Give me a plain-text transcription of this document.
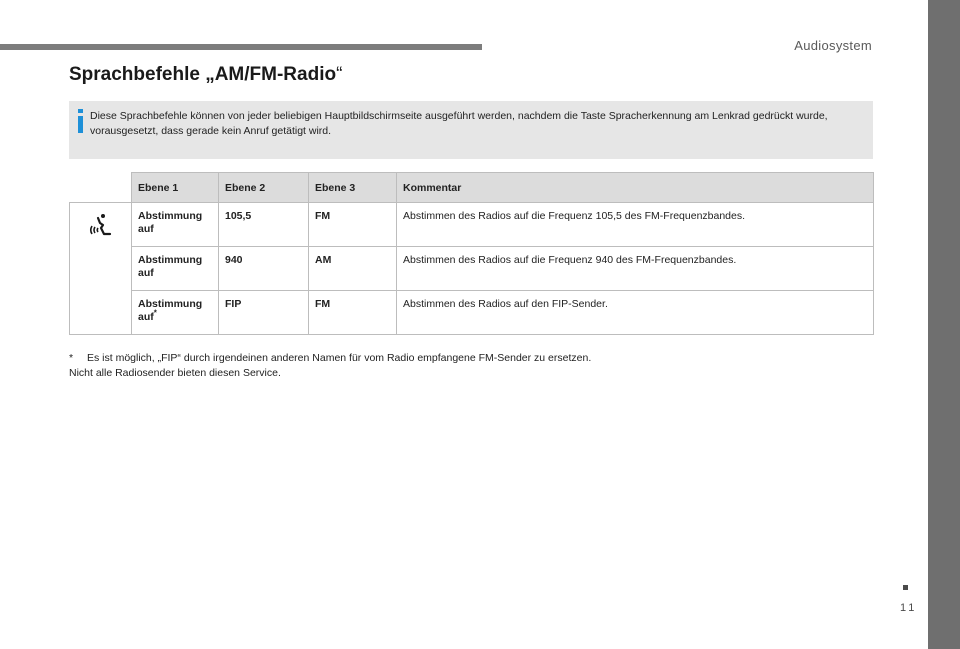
Audiosystem
Sprachbefehle „AM/FM-Radio“

Diese Sprachbefehle können von jeder beliebigen Hauptbildschirmseite ausgeführt werden, nachdem die Taste Spracherkennung am Lenkrad gedrückt wurde, vorausgesetzt, dass gerade kein Anruf getätigt wird.

	Ebene 1	Ebene 2	Ebene 3	Kommentar
	Abstimmung auf	105,5	FM	Abstimmen des Radios auf die Frequenz 105,5 des FM-Frequenzbandes.
	Abstimmung auf	940	AM	Abstimmen des Radios auf die Frequenz 940 des FM-Frequenzbandes.
	Abstimmung auf*	FIP	FM	Abstimmen des Radios auf den FIP-Sender.
* Es ist möglich, „FIP“ durch irgendeinen anderen Namen für vom Radio empfangene FM-Sender zu ersetzen.
Nicht alle Radiosender bieten diesen Service.
11
